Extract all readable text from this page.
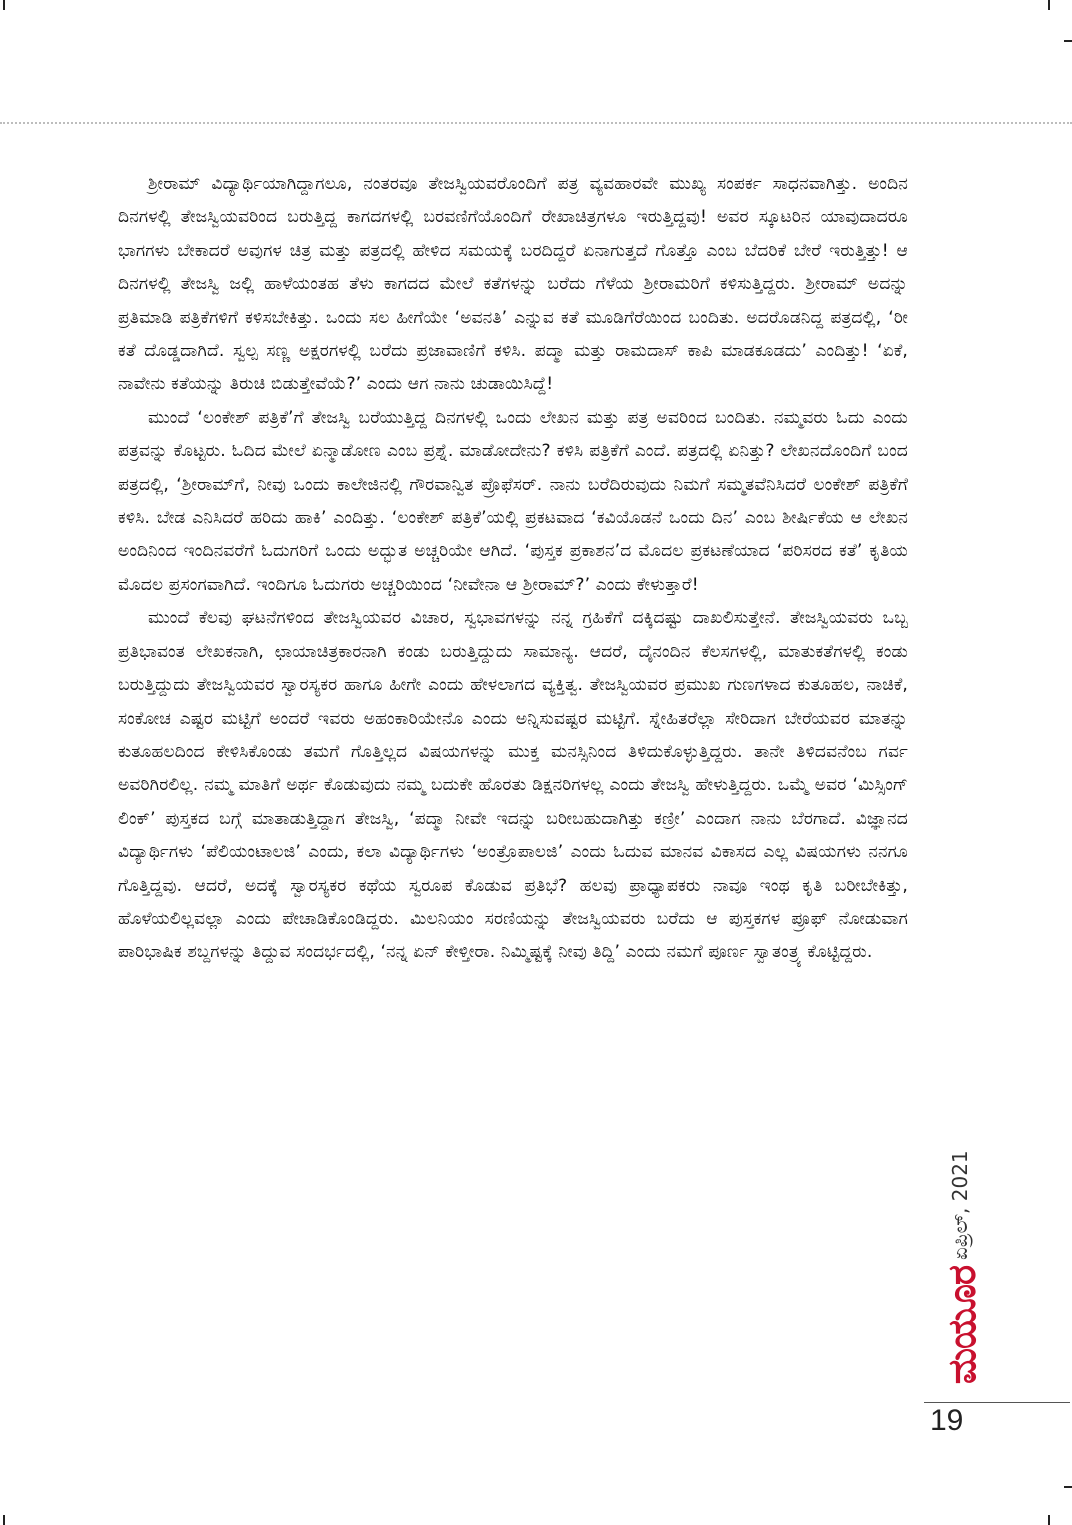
ಶ್ರೀರಾಮ್ ವಿದ್ಯಾರ್ಥಿಯಾಗಿದ್ದಾಗಲೂ, ನಂತರವೂ ತೇಜಸ್ವಿಯವರೊಂದಿಗೆ ಪತ್ರ ವ್ಯವಹಾರವೇ ಮುಖ್ಯ ಸಂಪರ್ಕ ಸಾಧನವಾಗಿತ್ತು. ಅಂದಿನ ದಿನಗಳಲ್ಲಿ ತೇಜಸ್ವಿಯವರಿಂದ ಬರುತ್ತಿದ್ದ ಕಾಗದಗಳಲ್ಲಿ ಬರವಣಿಗೆಯೊಂದಿಗೆ ರೇಖಾಚಿತ್ರಗಳೂ ಇರುತ್ತಿದ್ದವು! ಅವರ ಸ್ಕೂಟರಿನ ಯಾವುದಾದರೂ ಭಾಗಗಳು ಬೇಕಾದರೆ ಅವುಗಳ ಚಿತ್ರ ಮತ್ತು ಪತ್ರದಲ್ಲಿ ಹೇಳಿದ ಸಮಯಕ್ಕೆ ಬರದಿದ್ದರೆ ಏನಾಗುತ್ತದೆ ಗೊತ್ತೊ ಎಂಬ ಬೆದರಿಕೆ ಬೇರೆ ಇರುತ್ತಿತ್ತು! ಆ ದಿನಗಳಲ್ಲಿ ತೇಜಸ್ವಿ ಜಲ್ಲಿ ಹಾಳೆಯಂತಹ ತೆಳು ಕಾಗದದ ಮೇಲೆ ಕತೆಗಳನ್ನು ಬರೆದು ಗೆಳೆಯ ಶ್ರೀರಾಮರಿಗೆ ಕಳಿಸುತ್ತಿದ್ದರು. ಶ್ರೀರಾಮ್ ಅದನ್ನು ಪ್ರತಿಮಾಡಿ ಪತ್ರಿಕೆಗಳಿಗೆ ಕಳಿಸಬೇಕಿತ್ತು. ಒಂದು ಸಲ ಹೀಗೆಯೇ ‘ಅವನತಿ’ ಎನ್ನುವ ಕತೆ ಮೂಡಿಗೆರೆಯಿಂದ ಬಂದಿತು. ಅದರೊಡನಿದ್ದ ಪತ್ರದಲ್ಲಿ, ‘ರೀ ಕತೆ ದೊಡ್ಡದಾಗಿದೆ. ಸ್ವಲ್ಪ ಸಣ್ಣ ಅಕ್ಷರಗಳಲ್ಲಿ ಬರೆದು ಪ್ರಜಾವಾಣಿಗೆ ಕಳಿಸಿ. ಪದ್ಮಾ ಮತ್ತು ರಾಮದಾಸ್ ಕಾಪಿ ಮಾಡಕೂಡದು’ ಎಂದಿತ್ತು! ‘ಏಕೆ, ನಾವೇನು ಕತೆಯನ್ನು ತಿರುಚಿ ಬಿಡುತ್ತೇವೆಯೆ?’ ಎಂದು ಆಗ ನಾನು ಚುಡಾಯಿಸಿದ್ದೆ!

ಮುಂದೆ ‘ಲಂಕೇಶ್ ಪತ್ರಿಕೆ’ಗೆ ತೇಜಸ್ವಿ ಬರೆಯುತ್ತಿದ್ದ ದಿನಗಳಲ್ಲಿ ಒಂದು ಲೇಖನ ಮತ್ತು ಪತ್ರ ಅವರಿಂದ ಬಂದಿತು. ನಮ್ಮವರು ಓದು ಎಂದು ಪತ್ರವನ್ನು ಕೊಟ್ಟರು. ಓದಿದ ಮೇಲೆ ಏನ್ಮಾಡೋಣ ಎಂಬ ಪ್ರಶ್ನೆ. ಮಾಡೋದೇನು? ಕಳಿಸಿ ಪತ್ರಿಕೆಗೆ ಎಂದೆ. ಪತ್ರದಲ್ಲಿ ಏನಿತ್ತು? ಲೇಖನದೊಂದಿಗೆ ಬಂದ ಪತ್ರದಲ್ಲಿ, ‘ಶ್ರೀರಾಮ್‌ಗೆ, ನೀವು ಒಂದು ಕಾಲೇಜಿನಲ್ಲಿ ಗೌರವಾನ್ವಿತ ಪ್ರೊಫೆಸರ್. ನಾನು ಬರೆದಿರುವುದು ನಿಮಗೆ ಸಮ್ಮತವೆನಿಸಿದರೆ ಲಂಕೇಶ್ ಪತ್ರಿಕೆಗೆ ಕಳಿಸಿ. ಬೇಡ ಎನಿಸಿದರೆ ಹರಿದು ಹಾಕಿ’ ಎಂದಿತ್ತು. ‘ಲಂಕೇಶ್ ಪತ್ರಿಕೆ’ಯಲ್ಲಿ ಪ್ರಕಟವಾದ ‘ಕವಿಯೊಡನೆ ಒಂದು ದಿನ’ ಎಂಬ ಶೀರ್ಷಿಕೆಯ ಆ ಲೇಖನ ಅಂದಿನಿಂದ ಇಂದಿನವರೆಗೆ ಓದುಗರಿಗೆ ಒಂದು ಅದ್ಭುತ ಅಚ್ಚರಿಯೇ ಆಗಿದೆ. ‘ಪುಸ್ತಕ ಪ್ರಕಾಶನ’ದ ಮೊದಲ ಪ್ರಕಟಣೆಯಾದ ‘ಪರಿಸರದ ಕತೆ’ ಕೃತಿಯ ಮೊದಲ ಪ್ರಸಂಗವಾಗಿದೆ. ಇಂದಿಗೂ ಓದುಗರು ಅಚ್ಚರಿಯಿಂದ ‘ನೀವೇನಾ ಆ ಶ್ರೀರಾಮ್?’ ಎಂದು ಕೇಳುತ್ತಾರೆ!

ಮುಂದೆ ಕೆಲವು ಘಟನೆಗಳಿಂದ ತೇಜಸ್ವಿಯವರ ವಿಚಾರ, ಸ್ವಭಾವಗಳನ್ನು ನನ್ನ ಗ್ರಹಿಕೆಗೆ ದಕ್ಕಿದಷ್ಟು ದಾಖಲಿಸುತ್ತೇನೆ. ತೇಜಸ್ವಿಯವರು ಒಬ್ಬ ಪ್ರತಿಭಾವಂತ ಲೇಖಕನಾಗಿ, ಛಾಯಾಚಿತ್ರಕಾರನಾಗಿ ಕಂಡು ಬರುತ್ತಿದ್ದುದು ಸಾಮಾನ್ಯ. ಆದರೆ, ದೈನಂದಿನ ಕೆಲಸಗಳಲ್ಲಿ, ಮಾತುಕತೆಗಳಲ್ಲಿ ಕಂಡು ಬರುತ್ತಿದ್ದುದು ತೇಜಸ್ವಿಯವರ ಸ್ವಾರಸ್ಯಕರ ಹಾಗೂ ಹೀಗೇ ಎಂದು ಹೇಳಲಾಗದ ವ್ಯಕ್ತಿತ್ವ. ತೇಜಸ್ವಿಯವರ ಪ್ರಮುಖ ಗುಣಗಳಾದ ಕುತೂಹಲ, ನಾಚಿಕೆ, ಸಂಕೋಚ ಎಷ್ಟರ ಮಟ್ಟಿಗೆ ಅಂದರೆ ಇವರು ಅಹಂಕಾರಿಯೇನೊ ಎಂದು ಅನ್ನಿಸುವಷ್ಟರ ಮಟ್ಟಿಗೆ. ಸ್ನೇಹಿತರೆಲ್ಲಾ ಸೇರಿದಾಗ ಬೇರೆಯವರ ಮಾತನ್ನು ಕುತೂಹಲದಿಂದ ಕೇಳಿಸಿಕೊಂಡು ತಮಗೆ ಗೊತ್ತಿಲ್ಲದ ವಿಷಯಗಳನ್ನು ಮುಕ್ತ ಮನಸ್ಸಿನಿಂದ ತಿಳಿದುಕೊಳ್ಳುತ್ತಿದ್ದರು. ತಾನೇ ತಿಳಿದವನೆಂಬ ಗರ್ವ ಅವರಿಗಿರಲಿಲ್ಲ. ನಮ್ಮ ಮಾತಿಗೆ ಅರ್ಥ ಕೊಡುವುದು ನಮ್ಮ ಬದುಕೇ ಹೊರತು ಡಿಕ್ಷನರಿಗಳಲ್ಲ ಎಂದು ತೇಜಸ್ವಿ ಹೇಳುತ್ತಿದ್ದರು. ಒಮ್ಮೆ ಅವರ ‘ಮಿಸ್ಸಿಂಗ್ ಲಿಂಕ್’ ಪುಸ್ತಕದ ಬಗ್ಗೆ ಮಾತಾಡುತ್ತಿದ್ದಾಗ ತೇಜಸ್ವಿ, ‘ಪದ್ಮಾ ನೀವೇ ಇದನ್ನು ಬರೀಬಹುದಾಗಿತ್ತು ಕಣ್ರೀ’ ಎಂದಾಗ ನಾನು ಬೆರಗಾದೆ. ವಿಜ್ಞಾನದ ವಿದ್ಯಾರ್ಥಿಗಳು ‘ಪೆಲಿಯಂಟಾಲಜಿ’ ಎಂದು, ಕಲಾ ವಿದ್ಯಾರ್ಥಿಗಳು ‘ಅಂತ್ರೊಪಾಲಜಿ’ ಎಂದು ಓದುವ ಮಾನವ ವಿಕಾಸದ ಎಲ್ಲ ವಿಷಯಗಳು ನನಗೂ ಗೊತ್ತಿದ್ದವು. ಆದರೆ, ಅದಕ್ಕೆ ಸ್ವಾರಸ್ಯಕರ ಕಥೆಯ ಸ್ವರೂಪ ಕೊಡುವ ಪ್ರತಿಭೆ? ಹಲವು ಪ್ರಾಧ್ಯಾಪಕರು ನಾವೂ ಇಂಥ ಕೃತಿ ಬರೀಬೇಕಿತ್ತು, ಹೊಳೆಯಲಿಲ್ಲವಲ್ಲಾ ಎಂದು ಪೇಚಾಡಿಕೊಂಡಿದ್ದರು. ಮಿಲನಿಯಂ ಸರಣಿಯನ್ನು ತೇಜಸ್ವಿಯವರು ಬರೆದು ಆ ಪುಸ್ತಕಗಳ ಪ್ರೂಫ್ ನೋಡುವಾಗ ಪಾರಿಭಾಷಿಕ ಶಬ್ದಗಳನ್ನು ತಿದ್ದುವ ಸಂದರ್ಭದಲ್ಲಿ, ‘ನನ್ನ ಏನ್ ಕೇಳ್ತೀರಾ. ನಿಮ್ಮಿಷ್ಟಕ್ಕೆ ನೀವು ತಿದ್ದಿ’ ಎಂದು ನಮಗೆ ಪೂರ್ಣ ಸ್ವಾತಂತ್ರ್ಯ ಕೊಟ್ಟಿದ್ದರು.

ಏಪ್ರಿಲ್, 2021
ಮಯೂರ
19
